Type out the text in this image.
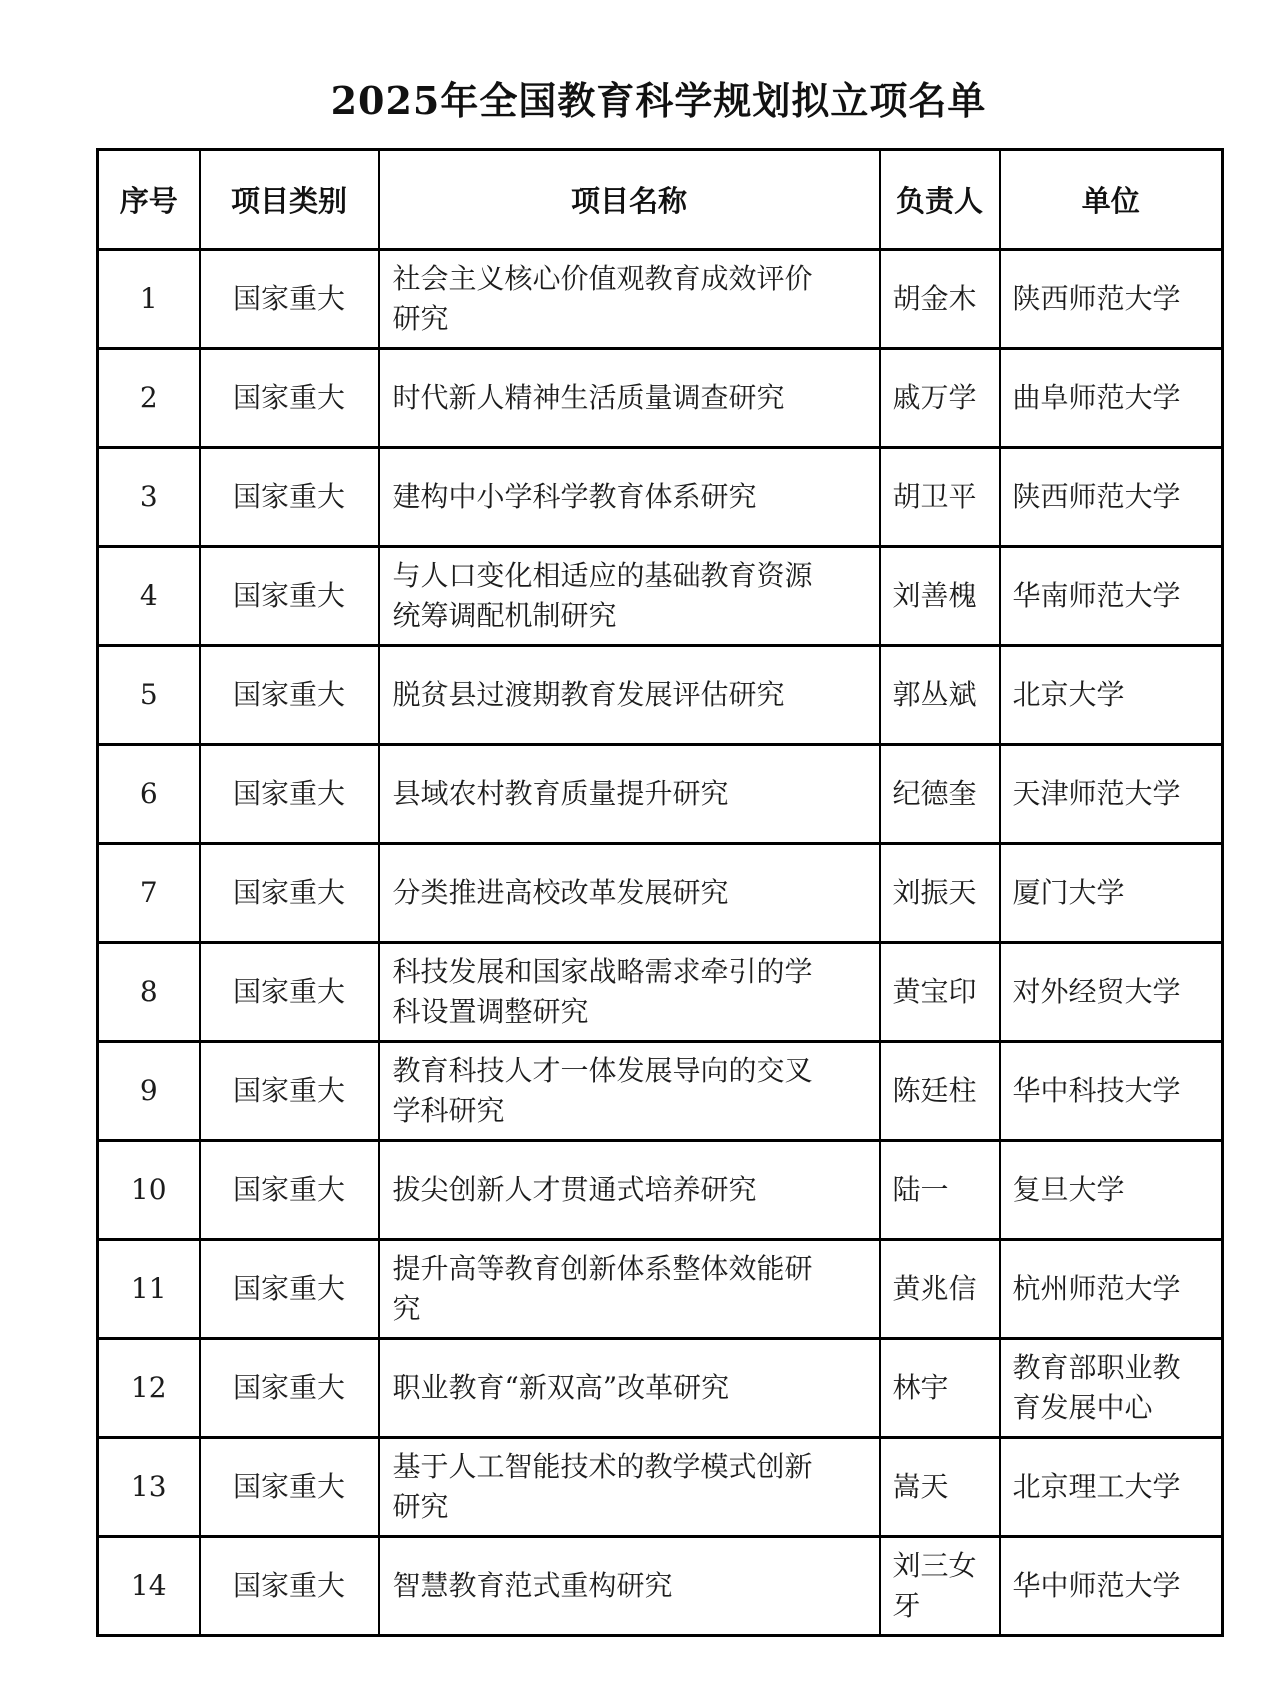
2025年全国教育科学规划拟立项名单
序号	项目类别	项目名称	负责人	单位
1	国家重大	社会主义核心价值观教育成效评价研究	胡金木	陕西师范大学
2	国家重大	时代新人精神生活质量调查研究	戚万学	曲阜师范大学
3	国家重大	建构中小学科学教育体系研究	胡卫平	陕西师范大学
4	国家重大	与人口变化相适应的基础教育资源统筹调配机制研究	刘善槐	华南师范大学
5	国家重大	脱贫县过渡期教育发展评估研究	郭丛斌	北京大学
6	国家重大	县域农村教育质量提升研究	纪德奎	天津师范大学
7	国家重大	分类推进高校改革发展研究	刘振天	厦门大学
8	国家重大	科技发展和国家战略需求牵引的学科设置调整研究	黄宝印	对外经贸大学
9	国家重大	教育科技人才一体发展导向的交叉学科研究	陈廷柱	华中科技大学
10	国家重大	拔尖创新人才贯通式培养研究	陆一	复旦大学
11	国家重大	提升高等教育创新体系整体效能研究	黄兆信	杭州师范大学
12	国家重大	职业教育“新双高”改革研究	林宇	教育部职业教育发展中心
13	国家重大	基于人工智能技术的教学模式创新研究	嵩天	北京理工大学
14	国家重大	智慧教育范式重构研究	刘三女牙	华中师范大学
